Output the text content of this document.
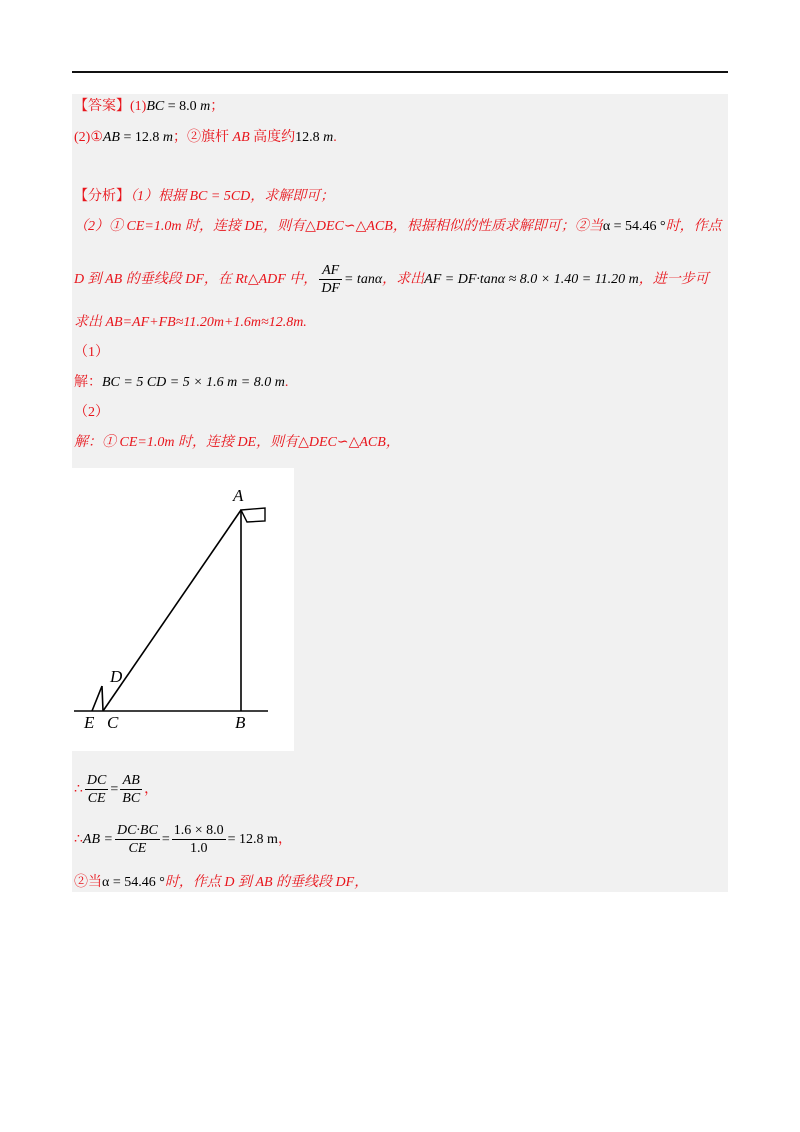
【答案】(1)BC = 8.0 m；
(2)①AB = 12.8 m；②旗杆 AB 高度约12.8 m.
【分析】（1）根据 BC = 5CD，求解即可；
（2）① CE=1.0m 时，连接 DE，则有△DEC∽△ACB，根据相似的性质求解即可；②当α = 54.46 °时，作点
D 到 AB 的垂线段 DF，在 Rt△ADF 中， $\frac{AF}{DF} = \tan\alpha$，求出AF = DF·tanα ≈ 8.0 × 1.40 = 11.20 m，进一步可
求出 AB=AF+FB≈11.20m+1.6m≈12.8m.
（1）
解：BC = 5 CD = 5 × 1.6 m = 8.0 m.
（2）
解：① CE=1.0m 时，连接 DE，则有△DEC∽△ACB，
A
B
C
D
E
∴ $\frac{DC}{CE} = \frac{AB}{BC}$ ，
∴AB = $\frac{DC\cdot BC}{CE} = \frac{1.6 \times 8.0}{1.0} = 12.8$ m，
②当α = 54.46 °时，作点 D 到 AB 的垂线段 DF，
